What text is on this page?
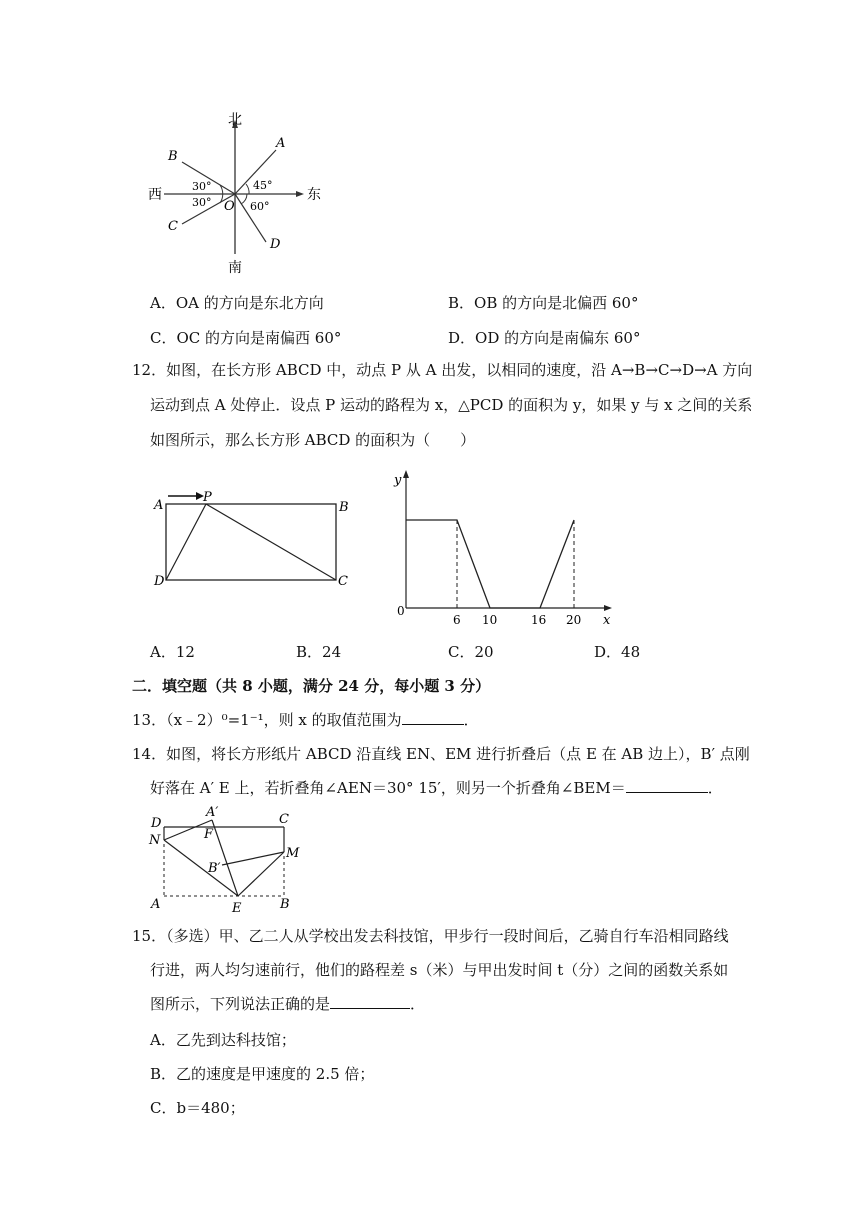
北
南
西	东
A
B
C
D
O
30°
30°
45°
60°
A．OA 的方向是东北方向	B．OB 的方向是北偏西 60°
C．OC 的方向是南偏西 60°	D．OD 的方向是南偏东 60°
12．如图，在长方形 ABCD 中，动点 P 从 A 出发，以相同的速度，沿 A→B→C→D→A 方向
运动到点 A 处停止．设点 P 运动的路程为 x，△PCD 的面积为 y，如果 y 与 x 之间的关系
如图所示，那么长方形 ABCD 的面积为（　　）
A
P
B
C
D
y
x
0
6 10	16 20
A．12	B．24	C．20	D．48
二．填空题（共 8 小题，满分 24 分，每小题 3 分）
13．（x﹣2）⁰=1⁻¹，则 x 的取值范围为	．
14．如图，将长方形纸片 ABCD 沿直线 EN、EM 进行折叠后（点 E 在 AB 边上），B′ 点刚
好落在 A′ E 上，若折叠角∠AEN＝30° 15′，则另一个折叠角∠BEM＝	．
D
A′	C
N	F
M
B′
A	E	B
15．（多选）甲、乙二人从学校出发去科技馆，甲步行一段时间后，乙骑自行车沿相同路线
行进，两人均匀速前行，他们的路程差 s（米）与甲出发时间 t（分）之间的函数关系如
图所示，下列说法正确的是	．
A．乙先到达科技馆；
B．乙的速度是甲速度的 2.5 倍；
C．b＝480；
